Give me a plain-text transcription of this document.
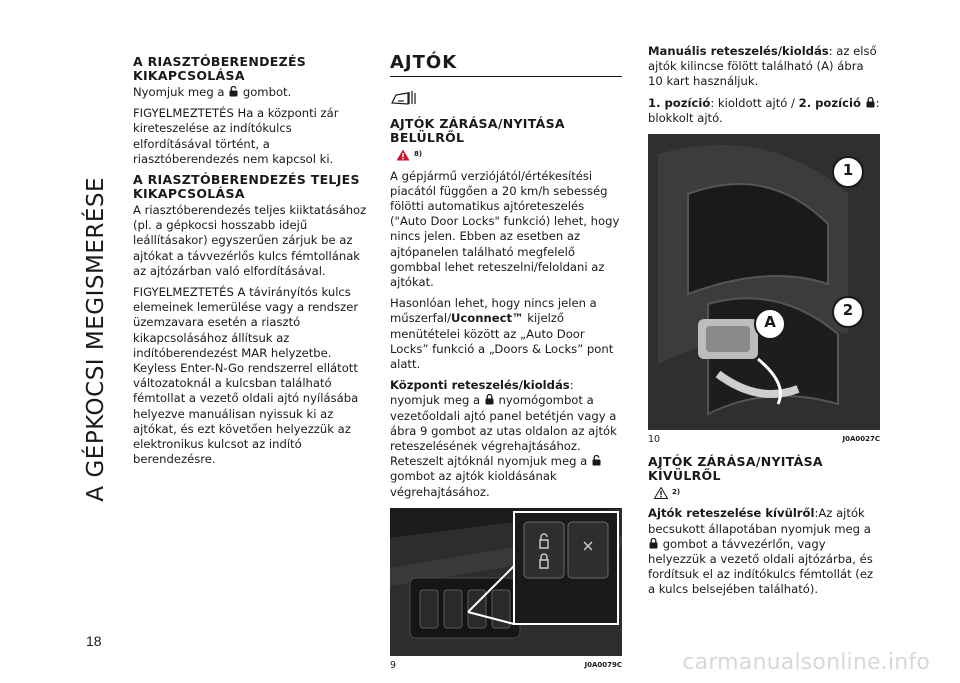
A GÉPKOCSI MEGISMERÉSE
18
A RIASZTÓBERENDEZÉS KIKAPCSOLÁSA

Nyomjuk meg a gombot.

FIGYELMEZTETÉS Ha a központi zár kireteszelése az indítókulcs elfordításával történt, a riasztóberendezés nem kapcsol ki.

A RIASZTÓBERENDEZÉS TELJES KIKAPCSOLÁSA

A riasztóberendezés teljes kiiktatásához (pl. a gépkocsi hosszabb idejű leállításakor) egyszerűen zárjuk be az ajtókat a távvezérlős kulcs fémtollának az ajtózárban való elfordításával.

FIGYELMEZTETÉS A távirányítós kulcs elemeinek lemerülése vagy a rendszer üzemzavara esetén a riasztó kikapcsolásához állítsuk az indítóberendezést MAR helyzetbe. Keyless Enter-N-Go rendszerrel ellátott változatoknál a kulcsban található fémtollat a vezető oldali ajtó nyílásába helyezve manuálisan nyissuk ki az ajtókat, és ezt követően helyezzük az elektronikus kulcsot az indító berendezésre.

AJTÓK
AJTÓK ZÁRÁSA/NYITÁSA BELÜLRŐL
8)

A gépjármű verziójától/értékesítési piacától függően a 20 km/h sebesség fölötti automatikus ajtóreteszelés ("Auto Door Locks" funkció) lehet, hogy nincs jelen. Ebben az esetben az ajtópanelen található megfelelő gombbal lehet reteszelni/feloldani az ajtókat.

Hasonlóan lehet, hogy nincs jelen a műszerfal/Uconnect™ kijelző menütételei között az „Auto Door Locks” funkció a „Doors & Locks” pont alatt.

Központi reteszelés/kioldás: nyomjuk meg a nyomógombot a vezetőoldali ajtó panel betétjén vagy a ábra 9 gombot az utas oldalon az ajtók reteszelésének végrehajtásához. Reteszelt ajtóknál nyomjuk meg a  gombot az ajtók kioldásának végrehajtásához.

9	J0A0079C

Manuális reteszelés/kioldás: az első ajtók kilincse fölött található (A) ábra 10 kart használjuk.

1. pozíció: kioldott ajtó / 2. pozíció :
blokkolt ajtó.

1
2
A
10	J0A0027C
AJTÓK ZÁRÁSA/NYITÁSA KÍVÜLRŐL
2)

Ajtók reteszelése kívülről:Az ajtók becsukott állapotában nyomjuk meg a  gombot a távvezérlőn, vagy helyezzük a vezető oldali ajtózárba, és fordítsuk el az indítókulcs fémtollát (ez a kulcs belsejében található).

carmanualsonline.info
